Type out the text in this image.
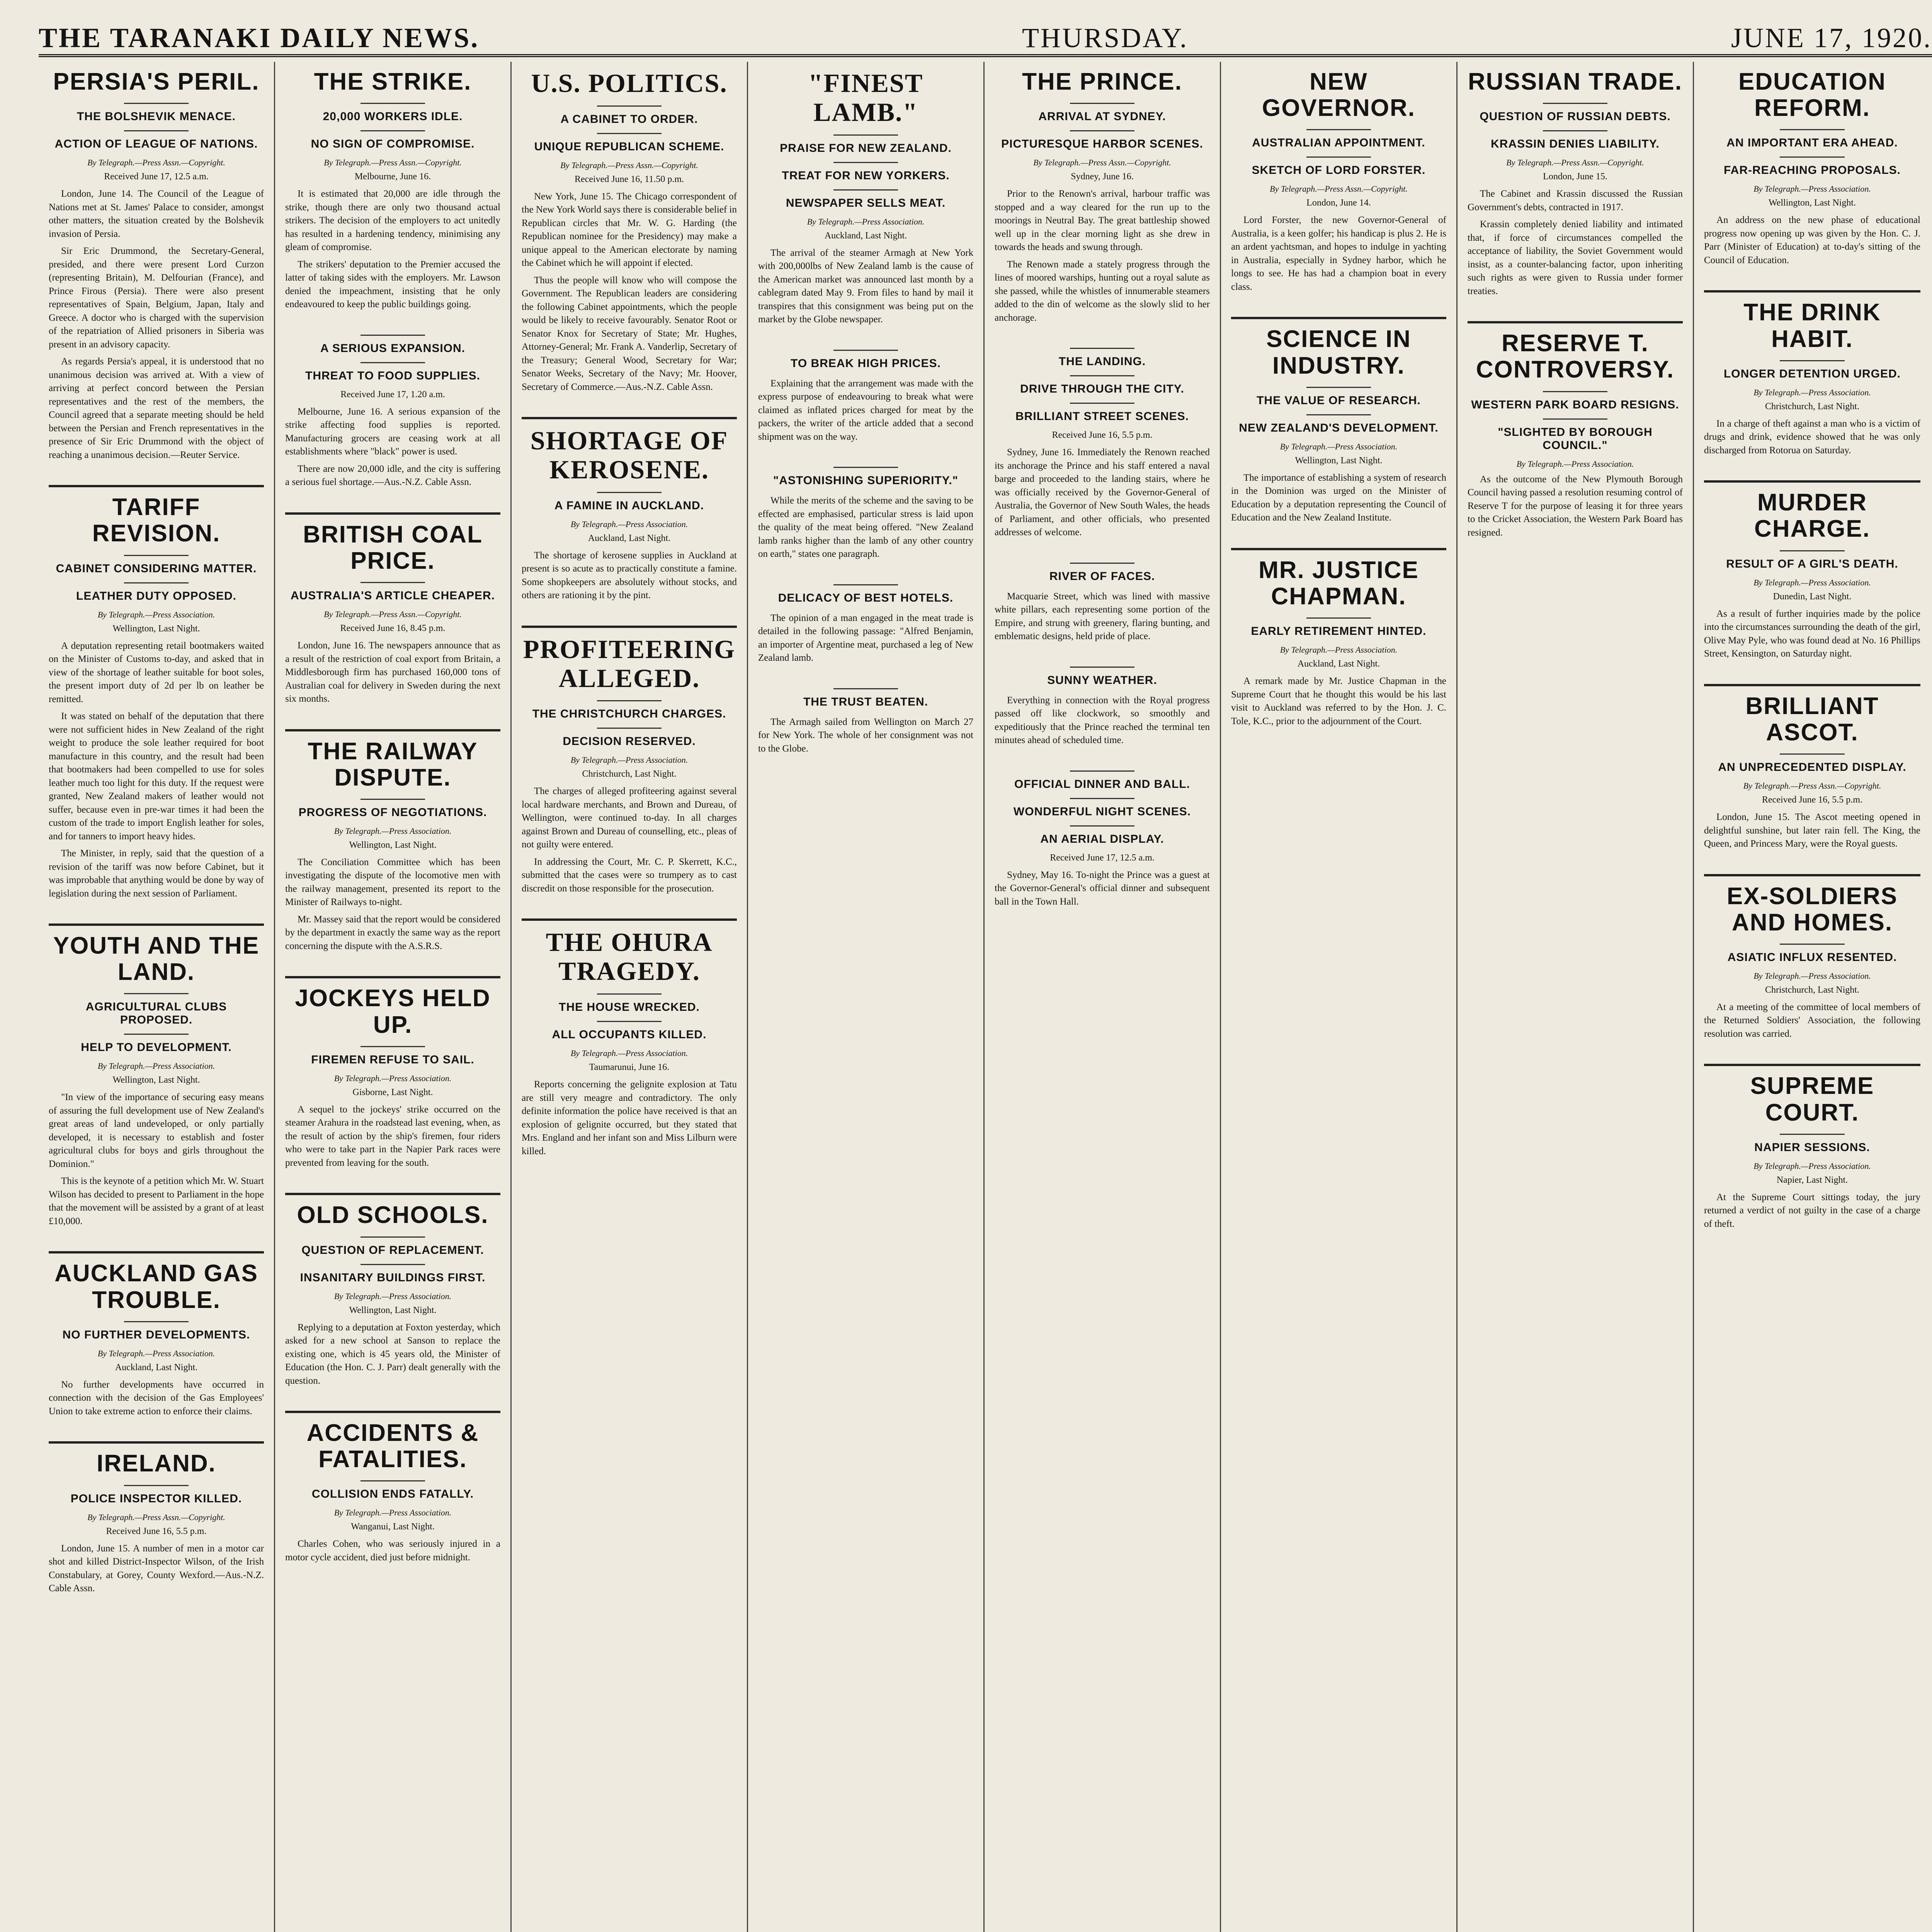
THE TARANAKI DAILY NEWS.	THURSDAY.	JUNE 17, 1920.
PERSIA'S PERIL.
THE BOLSHEVIK MENACE.
ACTION OF LEAGUE OF NATIONS.
By Telegraph.—Press Assn.—Copyright.
Received June 17, 12.5 a.m.

London, June 14. The Council of the League of Nations met at St. James' Palace to consider, amongst other matters, the situation created by the Bolshevik invasion of Persia.

Sir Eric Drummond, the Secretary-General, presided, and there were present Lord Curzon (representing Britain), M. Delfourian (France), and Prince Firous (Persia). There were also present representatives of Spain, Belgium, Japan, Italy and Greece. A doctor who is charged with the supervision of the repatriation of Allied prisoners in Siberia was present in an advisory capacity.

As regards Persia's appeal, it is understood that no unanimous decision was arrived at. With a view of arriving at perfect concord between the Persian representatives and the rest of the members, the Council agreed that a separate meeting should be held between the Persian and French representatives in the presence of Sir Eric Drummond with the object of reaching a unanimous decision.—Reuter Service.

TARIFF REVISION.
CABINET CONSIDERING MATTER.
LEATHER DUTY OPPOSED.
By Telegraph.—Press Association.
Wellington, Last Night.

A deputation representing retail bootmakers waited on the Minister of Customs to-day, and asked that in view of the shortage of leather suitable for boot soles, the present import duty of 2d per lb on leather be remitted.

It was stated on behalf of the deputation that there were not sufficient hides in New Zealand of the right weight to produce the sole leather required for boot manufacture in this country, and the result had been that bootmakers had been compelled to use for soles leather much too light for this duty. If the request were granted, New Zealand makers of leather would not suffer, because even in pre-war times it had been the custom of the trade to import English leather for soles, and for tanners to import heavy hides.

The Minister, in reply, said that the question of a revision of the tariff was now before Cabinet, but it was improbable that anything would be done by way of legislation during the next session of Parliament.

YOUTH AND THE LAND.
AGRICULTURAL CLUBS PROPOSED.
HELP TO DEVELOPMENT.
By Telegraph.—Press Association.
Wellington, Last Night.

"In view of the importance of securing easy means of assuring the full development use of New Zealand's great areas of land undeveloped, or only partially developed, it is necessary to establish and foster agricultural clubs for boys and girls throughout the Dominion."

This is the keynote of a petition which Mr. W. Stuart Wilson has decided to present to Parliament in the hope that the movement will be assisted by a grant of at least £10,000.

AUCKLAND GAS TROUBLE.
NO FURTHER DEVELOPMENTS.
By Telegraph.—Press Association.
Auckland, Last Night.

No further developments have occurred in connection with the decision of the Gas Employees' Union to take extreme action to enforce their claims.

IRELAND.
POLICE INSPECTOR KILLED.
By Telegraph.—Press Assn.—Copyright.
Received June 16, 5.5 p.m.

London, June 15. A number of men in a motor car shot and killed District-Inspector Wilson, of the Irish Constabulary, at Gorey, County Wexford.—Aus.-N.Z. Cable Assn.

THE STRIKE.
20,000 WORKERS IDLE.
NO SIGN OF COMPROMISE.
By Telegraph.—Press Assn.—Copyright.
Melbourne, June 16.

It is estimated that 20,000 are idle through the strike, though there are only two thousand actual strikers. The decision of the employers to act unitedly has resulted in a hardening tendency, minimising any gleam of compromise.

The strikers' deputation to the Premier accused the latter of taking sides with the employers. Mr. Lawson denied the impeachment, insisting that he only endeavoured to keep the public buildings going.

A SERIOUS EXPANSION.
THREAT TO FOOD SUPPLIES.
Received June 17, 1.20 a.m.

Melbourne, June 16. A serious expansion of the strike affecting food supplies is reported. Manufacturing grocers are ceasing work at all establishments where "black" power is used.

There are now 20,000 idle, and the city is suffering a serious fuel shortage.—Aus.-N.Z. Cable Assn.

BRITISH COAL PRICE.
AUSTRALIA'S ARTICLE CHEAPER.
By Telegraph.—Press Assn.—Copyright.
Received June 16, 8.45 p.m.

London, June 16. The newspapers announce that as a result of the restriction of coal export from Britain, a Middlesborough firm has purchased 160,000 tons of Australian coal for delivery in Sweden during the next six months.

THE RAILWAY DISPUTE.
PROGRESS OF NEGOTIATIONS.
By Telegraph.—Press Association.
Wellington, Last Night.

The Conciliation Committee which has been investigating the dispute of the locomotive men with the railway management, presented its report to the Minister of Railways to-night.

Mr. Massey said that the report would be considered by the department in exactly the same way as the report concerning the dispute with the A.S.R.S.

JOCKEYS HELD UP.
FIREMEN REFUSE TO SAIL.
By Telegraph.—Press Association.
Gisborne, Last Night.

A sequel to the jockeys' strike occurred on the steamer Arahura in the roadstead last evening, when, as the result of action by the ship's firemen, four riders who were to take part in the Napier Park races were prevented from leaving for the south.

OLD SCHOOLS.
QUESTION OF REPLACEMENT.
INSANITARY BUILDINGS FIRST.
By Telegraph.—Press Association.
Wellington, Last Night.

Replying to a deputation at Foxton yesterday, which asked for a new school at Sanson to replace the existing one, which is 45 years old, the Minister of Education (the Hon. C. J. Parr) dealt generally with the question.

ACCIDENTS & FATALITIES.
COLLISION ENDS FATALLY.
By Telegraph.—Press Association.
Wanganui, Last Night.

Charles Cohen, who was seriously injured in a motor cycle accident, died just before midnight.

U.S. POLITICS.
A CABINET TO ORDER.
UNIQUE REPUBLICAN SCHEME.
By Telegraph.—Press Assn.—Copyright.
Received June 16, 11.50 p.m.

New York, June 15. The Chicago correspondent of the New York World says there is considerable belief in Republican circles that Mr. W. G. Harding (the Republican nominee for the Presidency) may make a unique appeal to the American electorate by naming the Cabinet which he will appoint if elected.

Thus the people will know who will compose the Government. The Republican leaders are considering the following Cabinet appointments, which the people would be likely to receive favourably. Senator Root or Senator Knox for Secretary of State; Mr. Hughes, Attorney-General; Mr. Frank A. Vanderlip, Secretary of the Treasury; General Wood, Secretary for War; Senator Weeks, Secretary of the Navy; Mr. Hoover, Secretary of Commerce.—Aus.-N.Z. Cable Assn.

SHORTAGE OF KEROSENE.
A FAMINE IN AUCKLAND.
By Telegraph.—Press Association.
Auckland, Last Night.

The shortage of kerosene supplies in Auckland at present is so acute as to practically constitute a famine. Some shopkeepers are absolutely without stocks, and others are rationing it by the pint.

PROFITEERING ALLEGED.
THE CHRISTCHURCH CHARGES.
DECISION RESERVED.
By Telegraph.—Press Association.
Christchurch, Last Night.

The charges of alleged profiteering against several local hardware merchants, and Brown and Dureau, of Wellington, were continued to-day. In all charges against Brown and Dureau of counselling, etc., pleas of not guilty were entered.

In addressing the Court, Mr. C. P. Skerrett, K.C., submitted that the cases were so trumpery as to cast discredit on those responsible for the prosecution.

THE OHURA TRAGEDY.
THE HOUSE WRECKED.
ALL OCCUPANTS KILLED.
By Telegraph.—Press Association.
Taumarunui, June 16.

Reports concerning the gelignite explosion at Tatu are still very meagre and contradictory. The only definite information the police have received is that an explosion of gelignite occurred, but they stated that Mrs. England and her infant son and Miss Lilburn were killed.

"FINEST LAMB."
PRAISE FOR NEW ZEALAND.
TREAT FOR NEW YORKERS.
NEWSPAPER SELLS MEAT.
By Telegraph.—Press Association.
Auckland, Last Night.

The arrival of the steamer Armagh at New York with 200,000lbs of New Zealand lamb is the cause of the American market was announced last month by a cablegram dated May 9. From files to hand by mail it transpires that this consignment was being put on the market by the Globe newspaper.

TO BREAK HIGH PRICES.

Explaining that the arrangement was made with the express purpose of endeavouring to break what were claimed as inflated prices charged for meat by the packers, the writer of the article added that a second shipment was on the way.

"ASTONISHING SUPERIORITY."

While the merits of the scheme and the saving to be effected are emphasised, particular stress is laid upon the quality of the meat being offered. "New Zealand lamb ranks higher than the lamb of any other country on earth," states one paragraph.

DELICACY OF BEST HOTELS.

The opinion of a man engaged in the meat trade is detailed in the following passage: "Alfred Benjamin, an importer of Argentine meat, purchased a leg of New Zealand lamb.

THE TRUST BEATEN.

The Armagh sailed from Wellington on March 27 for New York. The whole of her consignment was not to the Globe.

THE PRINCE.
ARRIVAL AT SYDNEY.
PICTURESQUE HARBOR SCENES.
By Telegraph.—Press Assn.—Copyright.
Sydney, June 16.

Prior to the Renown's arrival, harbour traffic was stopped and a way cleared for the run up to the moorings in Neutral Bay. The great battleship showed well up in the clear morning light as she drew in towards the heads and swung through.

The Renown made a stately progress through the lines of moored warships, hunting out a royal salute as she passed, while the whistles of innumerable steamers added to the din of welcome as the slowly slid to her anchorage.

THE LANDING.
DRIVE THROUGH THE CITY.
BRILLIANT STREET SCENES.
Received June 16, 5.5 p.m.

Sydney, June 16. Immediately the Renown reached its anchorage the Prince and his staff entered a naval barge and proceeded to the landing stairs, where he was officially received by the Governor-General of Australia, the Governor of New South Wales, the heads of Parliament, and other officials, who presented addresses of welcome.

RIVER OF FACES.

Macquarie Street, which was lined with massive white pillars, each representing some portion of the Empire, and strung with greenery, flaring bunting, and emblematic designs, held pride of place.

SUNNY WEATHER.

Everything in connection with the Royal progress passed off like clockwork, so smoothly and expeditiously that the Prince reached the terminal ten minutes ahead of scheduled time.

OFFICIAL DINNER AND BALL.
WONDERFUL NIGHT SCENES.
AN AERIAL DISPLAY.
Received June 17, 12.5 a.m.

Sydney, May 16. To-night the Prince was a guest at the Governor-General's official dinner and subsequent ball in the Town Hall.

NEW GOVERNOR.
AUSTRALIAN APPOINTMENT.
SKETCH OF LORD FORSTER.
By Telegraph.—Press Assn.—Copyright.
London, June 14.

Lord Forster, the new Governor-General of Australia, is a keen golfer; his handicap is plus 2. He is an ardent yachtsman, and hopes to indulge in yachting in Australia, especially in Sydney harbor, which he longs to see. He has had a champion boat in every class.

SCIENCE IN INDUSTRY.
THE VALUE OF RESEARCH.
NEW ZEALAND'S DEVELOPMENT.
By Telegraph.—Press Association.
Wellington, Last Night.

The importance of establishing a system of research in the Dominion was urged on the Minister of Education by a deputation representing the Council of Education and the New Zealand Institute.

MR. JUSTICE CHAPMAN.
EARLY RETIREMENT HINTED.
By Telegraph.—Press Association.
Auckland, Last Night.

A remark made by Mr. Justice Chapman in the Supreme Court that he thought this would be his last visit to Auckland was referred to by the Hon. J. C. Tole, K.C., prior to the adjournment of the Court.

RUSSIAN TRADE.
QUESTION OF RUSSIAN DEBTS.
KRASSIN DENIES LIABILITY.
By Telegraph.—Press Assn.—Copyright.
London, June 15.

The Cabinet and Krassin discussed the Russian Government's debts, contracted in 1917.

Krassin completely denied liability and intimated that, if force of circumstances compelled the acceptance of liability, the Soviet Government would insist, as a counter-balancing factor, upon inheriting such rights as were given to Russia under former treaties.

RESERVE T. CONTROVERSY.
WESTERN PARK BOARD RESIGNS.
"SLIGHTED BY BOROUGH COUNCIL."
By Telegraph.—Press Association.

As the outcome of the New Plymouth Borough Council having passed a resolution resuming control of Reserve T for the purpose of leasing it for three years to the Cricket Association, the Western Park Board has resigned.

EDUCATION REFORM.
AN IMPORTANT ERA AHEAD.
FAR-REACHING PROPOSALS.
By Telegraph.—Press Association.
Wellington, Last Night.

An address on the new phase of educational progress now opening up was given by the Hon. C. J. Parr (Minister of Education) at to-day's sitting of the Council of Education.

THE DRINK HABIT.
LONGER DETENTION URGED.
By Telegraph.—Press Association.
Christchurch, Last Night.

In a charge of theft against a man who is a victim of drugs and drink, evidence showed that he was only discharged from Rotorua on Saturday.

MURDER CHARGE.
RESULT OF A GIRL'S DEATH.
By Telegraph.—Press Association.
Dunedin, Last Night.

As a result of further inquiries made by the police into the circumstances surrounding the death of the girl, Olive May Pyle, who was found dead at No. 16 Phillips Street, Kensington, on Saturday night.

BRILLIANT ASCOT.
AN UNPRECEDENTED DISPLAY.
By Telegraph.—Press Assn.—Copyright.
Received June 16, 5.5 p.m.

London, June 15. The Ascot meeting opened in delightful sunshine, but later rain fell. The King, the Queen, and Princess Mary, were the Royal guests.

EX-SOLDIERS AND HOMES.
ASIATIC INFLUX RESENTED.
By Telegraph.—Press Association.
Christchurch, Last Night.

At a meeting of the committee of local members of the Returned Soldiers' Association, the following resolution was carried.

SUPREME COURT.
NAPIER SESSIONS.
By Telegraph.—Press Association.
Napier, Last Night.

At the Supreme Court sittings today, the jury returned a verdict of not guilty in the case of a charge of theft.
